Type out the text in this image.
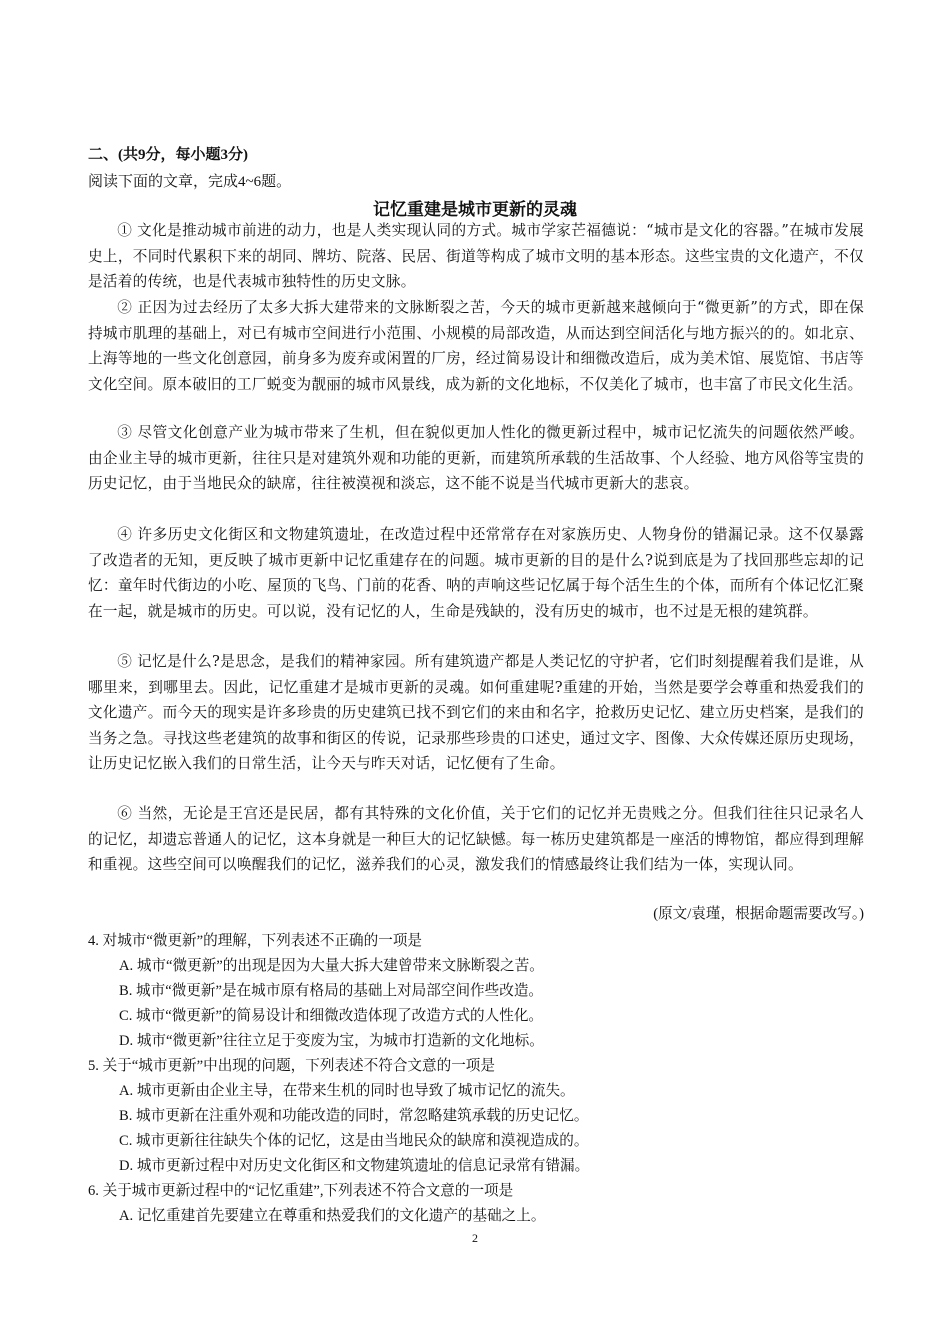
二、(共9分，每小题3分)
阅读下面的文章，完成4~6题。
记忆重建是城市更新的灵魂
① 文化是推动城市前进的动力，也是人类实现认同的方式。城市学家芒福德说：“城市是文化的容器。”在城市发展史上，不同时代累积下来的胡同、牌坊、院落、民居、街道等构成了城市文明的基本形态。这些宝贵的文化遗产，不仅是活着的传统，也是代表城市独特性的历史文脉。
② 正因为过去经历了太多大拆大建带来的文脉断裂之苦，今天的城市更新越来越倾向于“微更新”的方式，即在保持城市肌理的基础上，对已有城市空间进行小范围、小规模的局部改造，从而达到空间活化与地方振兴的的。如北京、上海等地的一些文化创意园，前身多为废弃或闲置的厂房，经过简易设计和细微改造后，成为美术馆、展览馆、书店等文化空间。原本破旧的工厂蜕变为靓丽的城市风景线，成为新的文化地标，不仅美化了城市，也丰富了市民文化生活。
③ 尽管文化创意产业为城市带来了生机，但在貌似更加人性化的微更新过程中，城市记忆流失的问题依然严峻。由企业主导的城市更新，往往只是对建筑外观和功能的更新，而建筑所承载的生活故事、个人经验、地方风俗等宝贵的历史记忆，由于当地民众的缺席，往往被漠视和淡忘，这不能不说是当代城市更新大的悲哀。
④ 许多历史文化街区和文物建筑遗址，在改造过程中还常常存在对家族历史、人物身份的错漏记录。这不仅暴露了改造者的无知，更反映了城市更新中记忆重建存在的问题。城市更新的目的是什么?说到底是为了找回那些忘却的记忆：童年时代街边的小吃、屋顶的飞鸟、门前的花香、呐的声响这些记忆属于每个活生生的个体，而所有个体记忆汇聚在一起，就是城市的历史。可以说，没有记忆的人，生命是残缺的，没有历史的城市，也不过是无根的建筑群。
⑤ 记忆是什么?是思念，是我们的精神家园。所有建筑遗产都是人类记忆的守护者，它们时刻提醒着我们是谁，从哪里来，到哪里去。因此，记忆重建才是城市更新的灵魂。如何重建呢?重建的开始，当然是要学会尊重和热爱我们的文化遗产。而今天的现实是许多珍贵的历史建筑已找不到它们的来由和名字，抢救历史记忆、建立历史档案，是我们的当务之急。寻找这些老建筑的故事和街区的传说，记录那些珍贵的口述史，通过文字、图像、大众传媒还原历史现场，让历史记忆嵌入我们的日常生活，让今天与昨天对话，记忆便有了生命。
⑥ 当然，无论是王宫还是民居，都有其特殊的文化价值，关于它们的记忆并无贵贱之分。但我们往往只记录名人的记忆，却遗忘普通人的记忆，这本身就是一种巨大的记忆缺憾。每一栋历史建筑都是一座活的博物馆，都应得到理解和重视。这些空间可以唤醒我们的记忆，滋养我们的心灵，激发我们的情感最终让我们结为一体，实现认同。
(原文/袁瑾，根据命题需要改写。)
4. 对城市“微更新”的理解，下列表述不正确的一项是
A. 城市“微更新”的出现是因为大量大拆大建曾带来文脉断裂之苦。
B. 城市“微更新”是在城市原有格局的基础上对局部空间作些改造。
C. 城市“微更新”的简易设计和细微改造体现了改造方式的人性化。
D. 城市“微更新”往往立足于变废为宝，为城市打造新的文化地标。
5. 关于“城市更新”中出现的问题，下列表述不符合文意的一项是
A. 城市更新由企业主导，在带来生机的同时也导致了城市记忆的流失。
B. 城市更新在注重外观和功能改造的同时，常忽略建筑承载的历史记忆。
C. 城市更新往往缺失个体的记忆，这是由当地民众的缺席和漠视造成的。
D. 城市更新过程中对历史文化街区和文物建筑遗址的信息记录常有错漏。
6. 关于城市更新过程中的“记忆重建”,下列表述不符合文意的一项是
A. 记忆重建首先要建立在尊重和热爱我们的文化遗产的基础之上。
2
